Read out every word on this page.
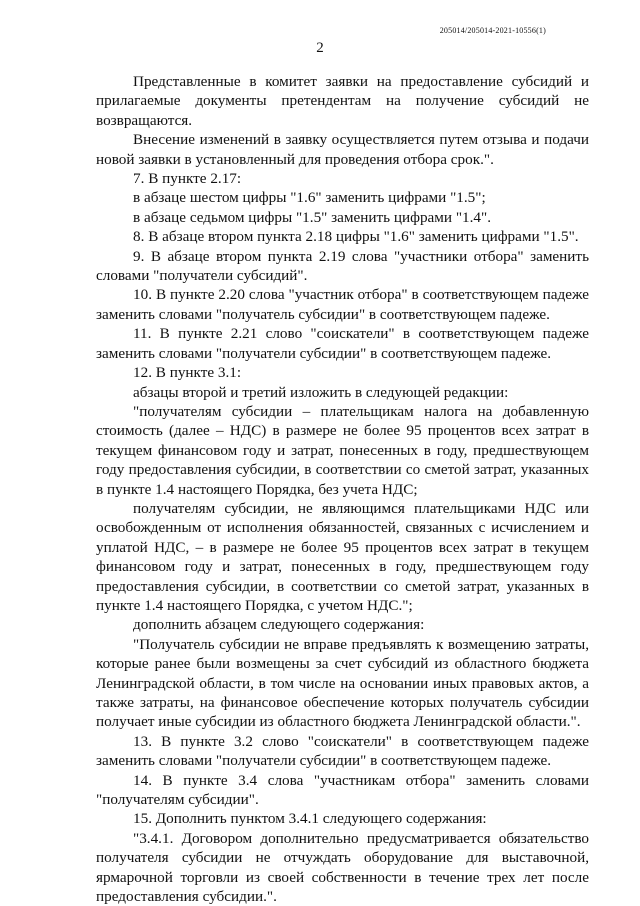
205014/205014-2021-10556(1)
2

Представленные в комитет заявки на предоставление субсидий и прилагаемые документы претендентам на получение субсидий не возвращаются.

Внесение изменений в заявку осуществляется путем отзыва и подачи новой заявки в установленный для проведения отбора срок.".

7. В пункте 2.17:

в абзаце шестом цифры "1.6" заменить цифрами "1.5";

в абзаце седьмом цифры "1.5" заменить цифрами "1.4".

8. В абзаце втором пункта 2.18 цифры "1.6" заменить цифрами "1.5".

9. В абзаце втором пункта 2.19 слова "участники отбора" заменить словами "получатели субсидий".

10. В пункте 2.20 слова "участник отбора" в соответствующем падеже заменить словами "получатель субсидии" в соответствующем падеже.

11. В пункте 2.21 слово "соискатели" в соответствующем падеже заменить словами "получатели субсидии" в соответствующем падеже.

12. В пункте 3.1:

абзацы второй и третий изложить в следующей редакции:

"получателям субсидии – плательщикам налога на добавленную стоимость (далее – НДС) в размере не более 95 процентов всех затрат в текущем финансовом году и затрат, понесенных в году, предшествующем году предоставления субсидии, в соответствии со сметой затрат, указанных в пункте 1.4 настоящего Порядка, без учета НДС;

получателям субсидии, не являющимся плательщиками НДС или освобожденным от исполнения обязанностей, связанных с исчислением и уплатой НДС, – в размере не более 95 процентов всех затрат в текущем финансовом году и затрат, понесенных в году, предшествующем году предоставления субсидии, в соответствии со сметой затрат, указанных в пункте 1.4 настоящего Порядка, с учетом НДС.";

дополнить абзацем следующего содержания:

"Получатель субсидии не вправе предъявлять к возмещению затраты, которые ранее были возмещены за счет субсидий из областного бюджета Ленинградской области, в том числе на основании иных правовых актов, а также затраты, на финансовое обеспечение которых получатель субсидии получает иные субсидии из областного бюджета Ленинградской области.".

13. В пункте 3.2 слово "соискатели" в соответствующем падеже заменить словами "получатели субсидии" в соответствующем падеже.

14. В пункте 3.4 слова "участникам отбора" заменить словами "получателям субсидии".

15. Дополнить пунктом 3.4.1 следующего содержания:

"3.4.1. Договором дополнительно предусматривается обязательство получателя субсидии не отчуждать оборудование для выставочной, ярмарочной торговли из своей собственности в течение трех лет после предоставления субсидии.".
